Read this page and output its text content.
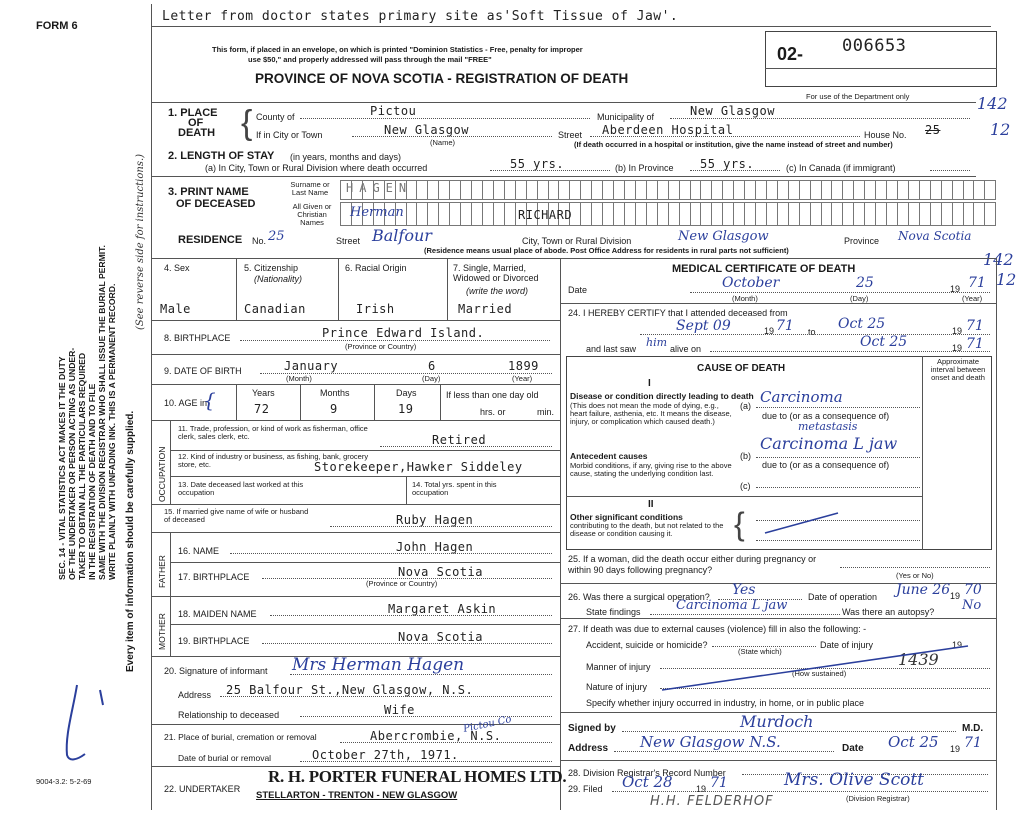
FORM 6
Letter from doctor states primary site as'Soft Tissue of Jaw'.
02- 006653
For use of the Department only
This form, if placed in an envelope, on which is printed "Dominion Statistics - Free, penalty for improper
use $50," and properly addressed will pass through the mail "FREE"
PROVINCE OF NOVA SCOTIA - REGISTRATION OF DEATH
142
12
142
12
SEC. 14 - VITAL STATISTICS ACT MAKES IT THE DUTY OF THE UNDERTAKER OR PERSON ACTING AS UNDER- TAKER TO OBTAIN ALL THE PARTICULARS REQUIRED IN THE REGISTRATION OF DEATH AND TO FILE SAME WITH THE DIVISION REGISTRAR WHO SHALL ISSUE THE BURIAL PERMIT. WRITE PLAINLY WITH UNFADING INK. THIS IS A PERMANENT RECORD. Every item of information should be carefully supplied.
(See reverse side for instructions.)
9004-3.2: 5-2-69
1. PLACE
OF
DEATH { County of	Pictou	Municipality of	New Glasgow
If in City or Town	New Glasgow
(Name)
Street Aberdeen Hospital	House No. 25
(If death occurred in a hospital or institution, give the name instead of street and number)
2. LENGTH OF STAY (in years, months and days)
(a) In City, Town or Rural Division where death occurred	55 yrs.	(b) In Province 55 yrs.	(c) In Canada (if immigrant)
3. PRINT NAME
OF DECEASED
Surname or Last Name
All Given or Christian Names
HAGEN
Herman	RICHARD
RESIDENCE No. 25	Street Balfour	City, Town or Rural Division	New Glasgow	Province Nova Scotia
(Residence means usual place of abode. Post Office Address for residents in rural parts not sufficient)
4. Sex	5. Citizenship
(Nationality)
6. Racial Origin	7. Single, Married, Widowed or Divorced
(write the word)
Male	Canadian	Irish	Married
8. BIRTHPLACE	Prince Edward Island.
(Province or Country)
9. DATE OF BIRTH	January	6	1899
(Month)	(Day)	(Year)
10. AGE in
{	Years
72
Months
9
Days
19
If less than one day old
hrs. or	min.
OCCUPATION
11. Trade, profession, or kind of work as fisherman, office clerk, sales clerk, etc.	Retired
12. Kind of industry or business, as fishing, bank, grocery store, etc.	Storekeeper,Hawker Siddeley
13. Date deceased last worked at this occupation
14. Total yrs. spent in this occupation
15. If married give name of wife or husband of deceased	Ruby Hagen
FATHER
16. NAME	John Hagen
17. BIRTHPLACE	Nova Scotia
(Province or Country)
MOTHER 18. MAIDEN NAME	Margaret Askin
19. BIRTHPLACE	Nova Scotia
20. Signature of informant Mrs Herman Hagen
Address 25 Balfour St.,New Glasgow, N.S.
Relationship to deceased	Wife
21. Place of burial, cremation or removal
Pictou Co
Abercrombie, N.S.
Date of burial or removal	October 27th, 1971.
22. UNDERTAKER
R. H. PORTER FUNERAL HOMES LTD.
STELLARTON - TRENTON - NEW GLASGOW
MEDICAL CERTIFICATE OF DEATH
Date	October	25	71
19
(Month)	(Day)	(Year)
24. I HEREBY CERTIFY that I attended deceased from
Sept 09	19 71 to Oct 25	19 71
and last saw him alive on	Oct 25	19 71
CAUSE OF DEATH
Approximate interval between onset and death
I
Disease or condition directly leading to death
(This does not mean the mode of dying, e.g., heart failure, asthenia, etc. It means the disease, injury, or complication which caused death.)
(a) Carcinoma
due to (or as a consequence of)
metastasis
Antecedent causes
Morbid conditions, if any, giving rise to the above cause, stating the underlying condition last.
(b)
Carcinoma L jaw
due to (or as a consequence of)
(c)
II
Other significant conditions
contributing to the death, but not related to the disease or condition causing it.	{
25. If a woman, did the death occur either during pregnancy or within 90 days following pregnancy?
(Yes or No)
26. Was there a surgical operation? Yes	Date of operation June 26 19 70
State findings	Carcinoma L jaw	Was there an autopsy? No
27. If death was due to external causes (violence) fill in also the following: -
Accident, suicide or homicide?
(State which)
Date of injury	19
Manner of injury	1439
(How sustained)
Nature of injury
Specify whether injury occurred in industry, in home, or in public place
Signed by	Murdoch	M.D.
Address New Glasgow N.S.	Date Oct 25 19 71
28. Division Registrar's Record Number
29. Filed Oct 28	19 71	Mrs. Olive Scott
(Division Registrar)
H.H. FELDERHOF
